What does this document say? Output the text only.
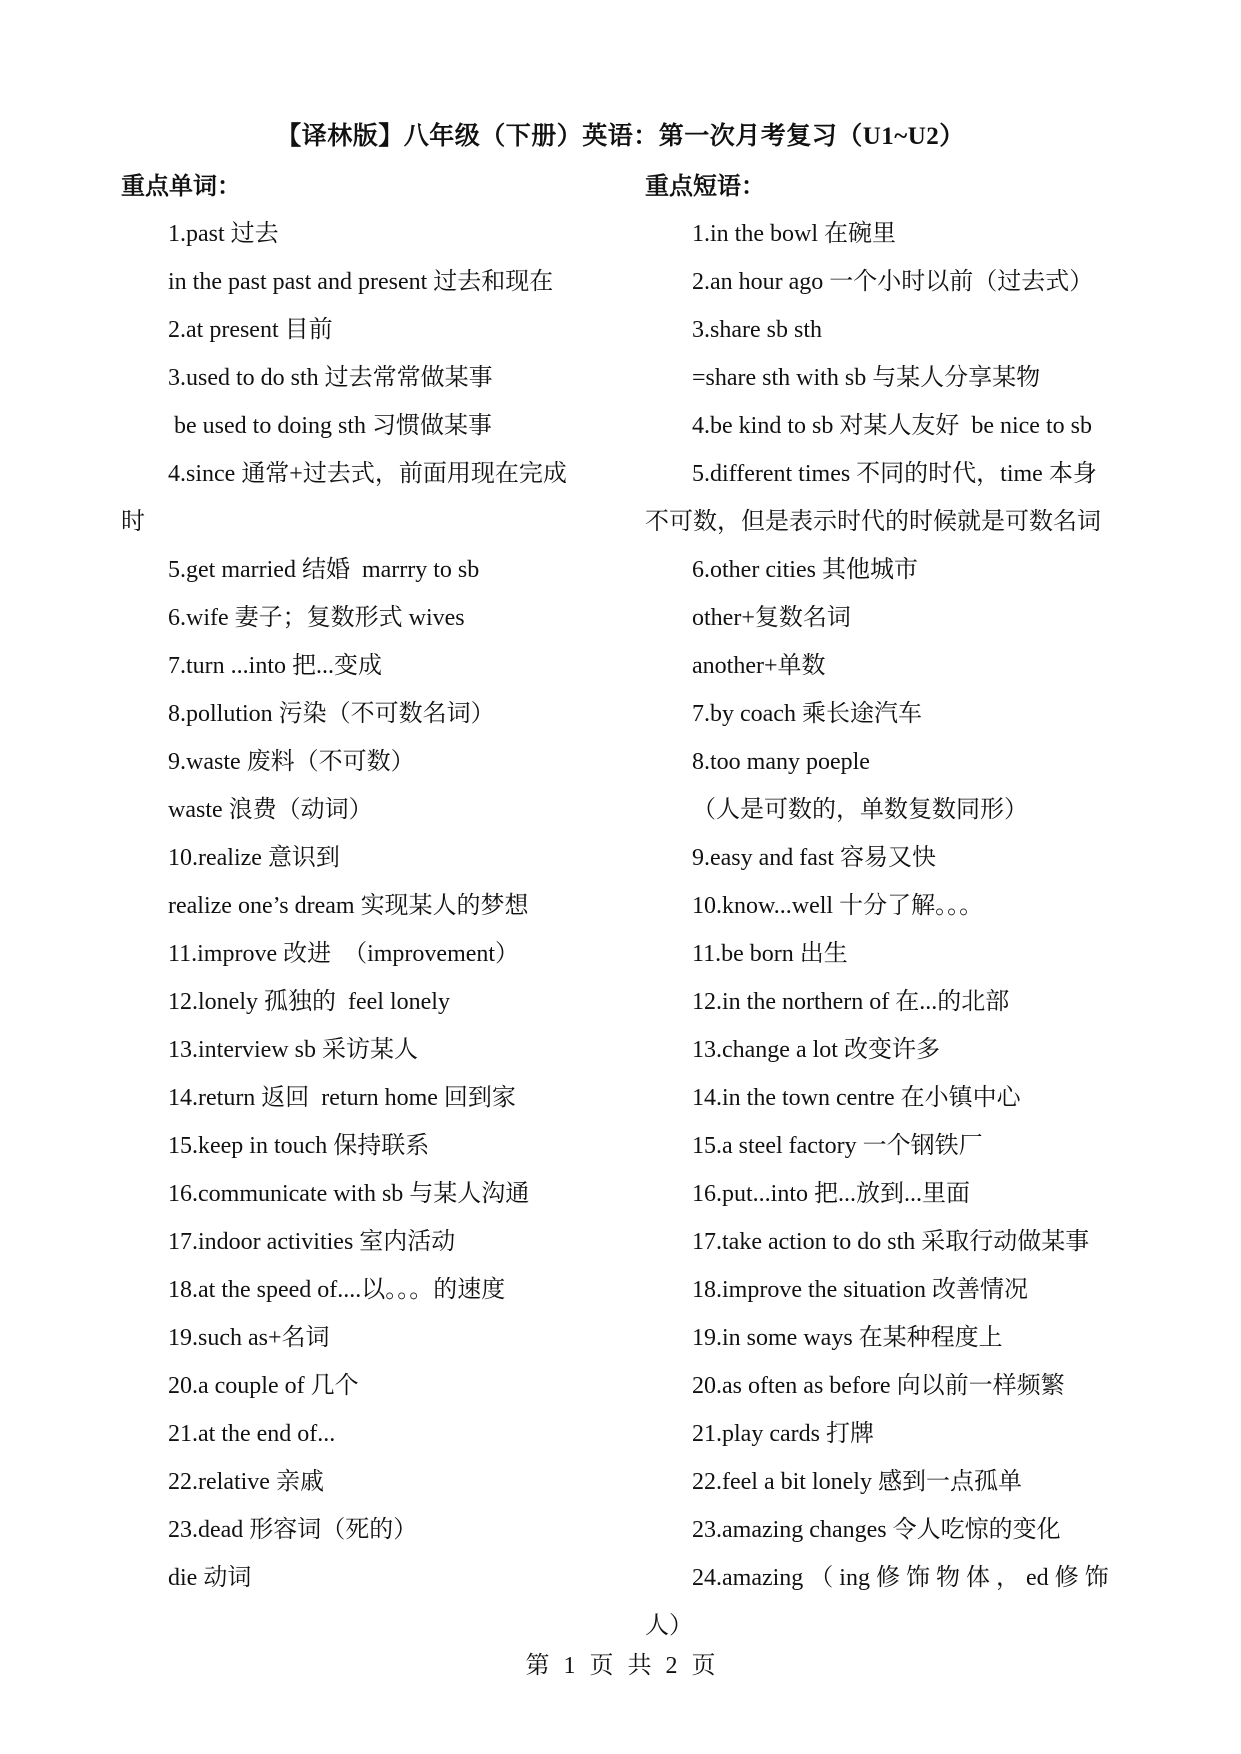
【译林版】八年级（下册）英语：第一次月考复习（U1~U2）
重点单词：	重点短语：
1.past 过去
in the past past and present 过去和现在
2.at present 目前
3.used to do sth 过去常常做某事
be used to doing sth 习惯做某事
4.since 通常+过去式，前面用现在完成
时
5.get married 结婚  marrry to sb
6.wife 妻子；复数形式 wives
7.turn ...into 把...变成
8.pollution 污染（不可数名词）
9.waste 废料（不可数）
waste 浪费（动词）
10.realize 意识到
realize one’s dream 实现某人的梦想
11.improve 改进  （improvement）
12.lonely 孤独的  feel lonely
13.interview sb 采访某人
14.return 返回  return home 回到家
15.keep in touch 保持联系
16.communicate with sb 与某人沟通
17.indoor activities 室内活动
18.at the speed of....以。。。的速度
19.such as+名词
20.a couple of 几个
21.at the end of...
22.relative 亲戚
23.dead 形容词（死的）
die 动词
1.in the bowl 在碗里
2.an hour ago 一个小时以前（过去式）
3.share sb sth
=share sth with sb 与某人分享某物
4.be kind to sb 对某人友好  be nice to sb
5.different times 不同的时代，time 本身
不可数，但是表示时代的时候就是可数名词
6.other cities 其他城市
other+复数名词
another+单数
7.by coach 乘长途汽车
8.too many poeple
（人是可数的，单数复数同形）
9.easy and fast 容易又快
10.know...well 十分了解。。。
11.be born 出生
12.in the northern of 在...的北部
13.change a lot 改变许多
14.in the town centre 在小镇中心
15.a steel factory 一个钢铁厂
16.put...into 把...放到...里面
17.take action to do sth 采取行动做某事
18.improve the situation 改善情况
19.in some ways 在某种程度上
20.as often as before 向以前一样频繁
21.play cards 打牌
22.feel a bit lonely 感到一点孤单
23.amazing changes 令人吃惊的变化
24.amazing （ ing 修 饰 物 体 ， ed 修 饰
人）
第 1 页 共 2 页
